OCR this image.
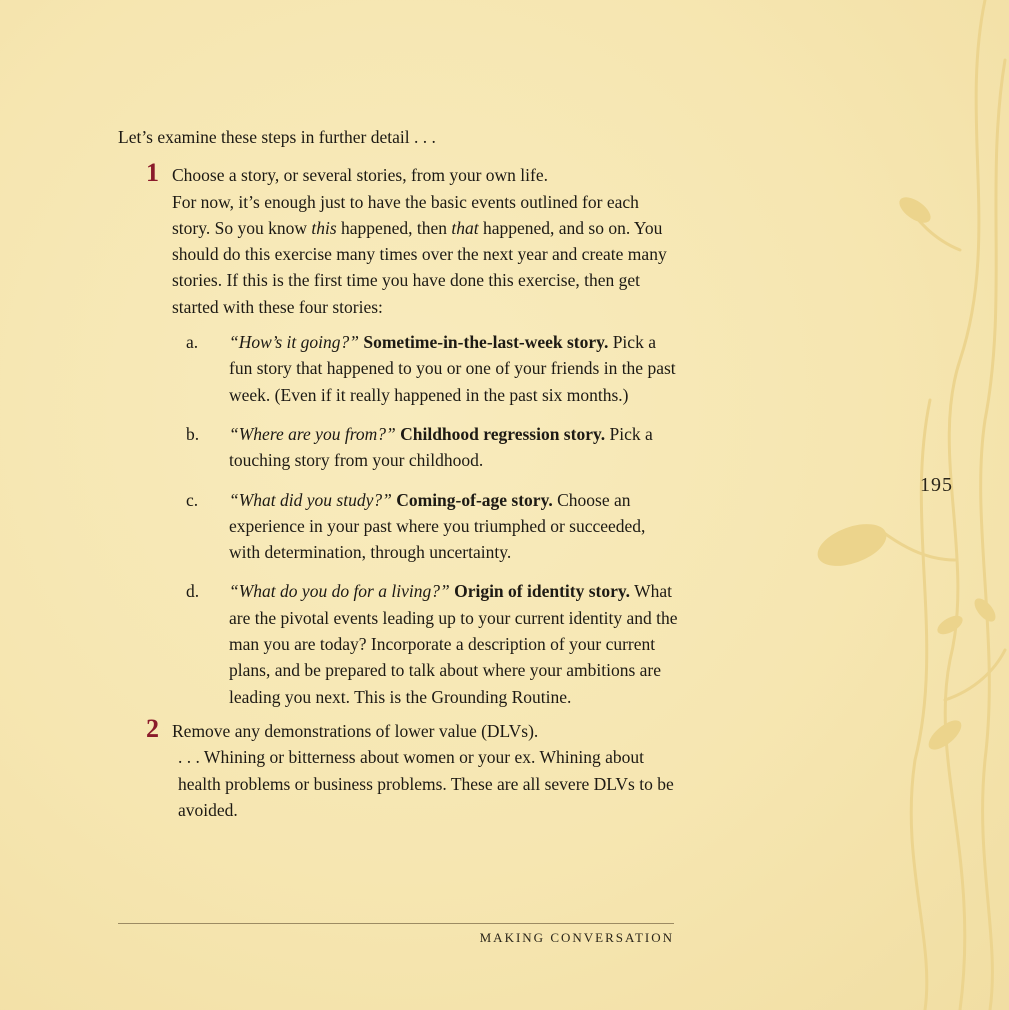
Let’s examine these steps in further detail . . .

1 Choose a story, or several stories, from your own life.

For now, it’s enough just to have the basic events outlined for each story. So you know this happened, then that happened, and so on. You should do this exercise many times over the next year and create many stories. If this is the first time you have done this exercise, then get started with these four stories:

a. “How’s it going?” Sometime-in-the-last-week story. Pick a fun story that happened to you or one of your friends in the past week. (Even if it really happened in the past six months.)
b. “Where are you from?” Childhood regression story. Pick a touching story from your childhood.
c. “What did you study?” Coming-of-age story. Choose an experience in your past where you triumphed or succeeded, with determination, through uncertainty.
d. “What do you do for a living?” Origin of identity story. What are the pivotal events leading up to your current identity and the man you are today? Incorporate a description of your current plans, and be prepared to talk about where your ambitions are leading you next. This is the Grounding Routine.
2 Remove any demonstrations of lower value (DLVs).

. . . Whining or bitterness about women or your ex. Whining about health problems or business problems. These are all severe DLVs to be avoided.

MAKING CONVERSATION
195
